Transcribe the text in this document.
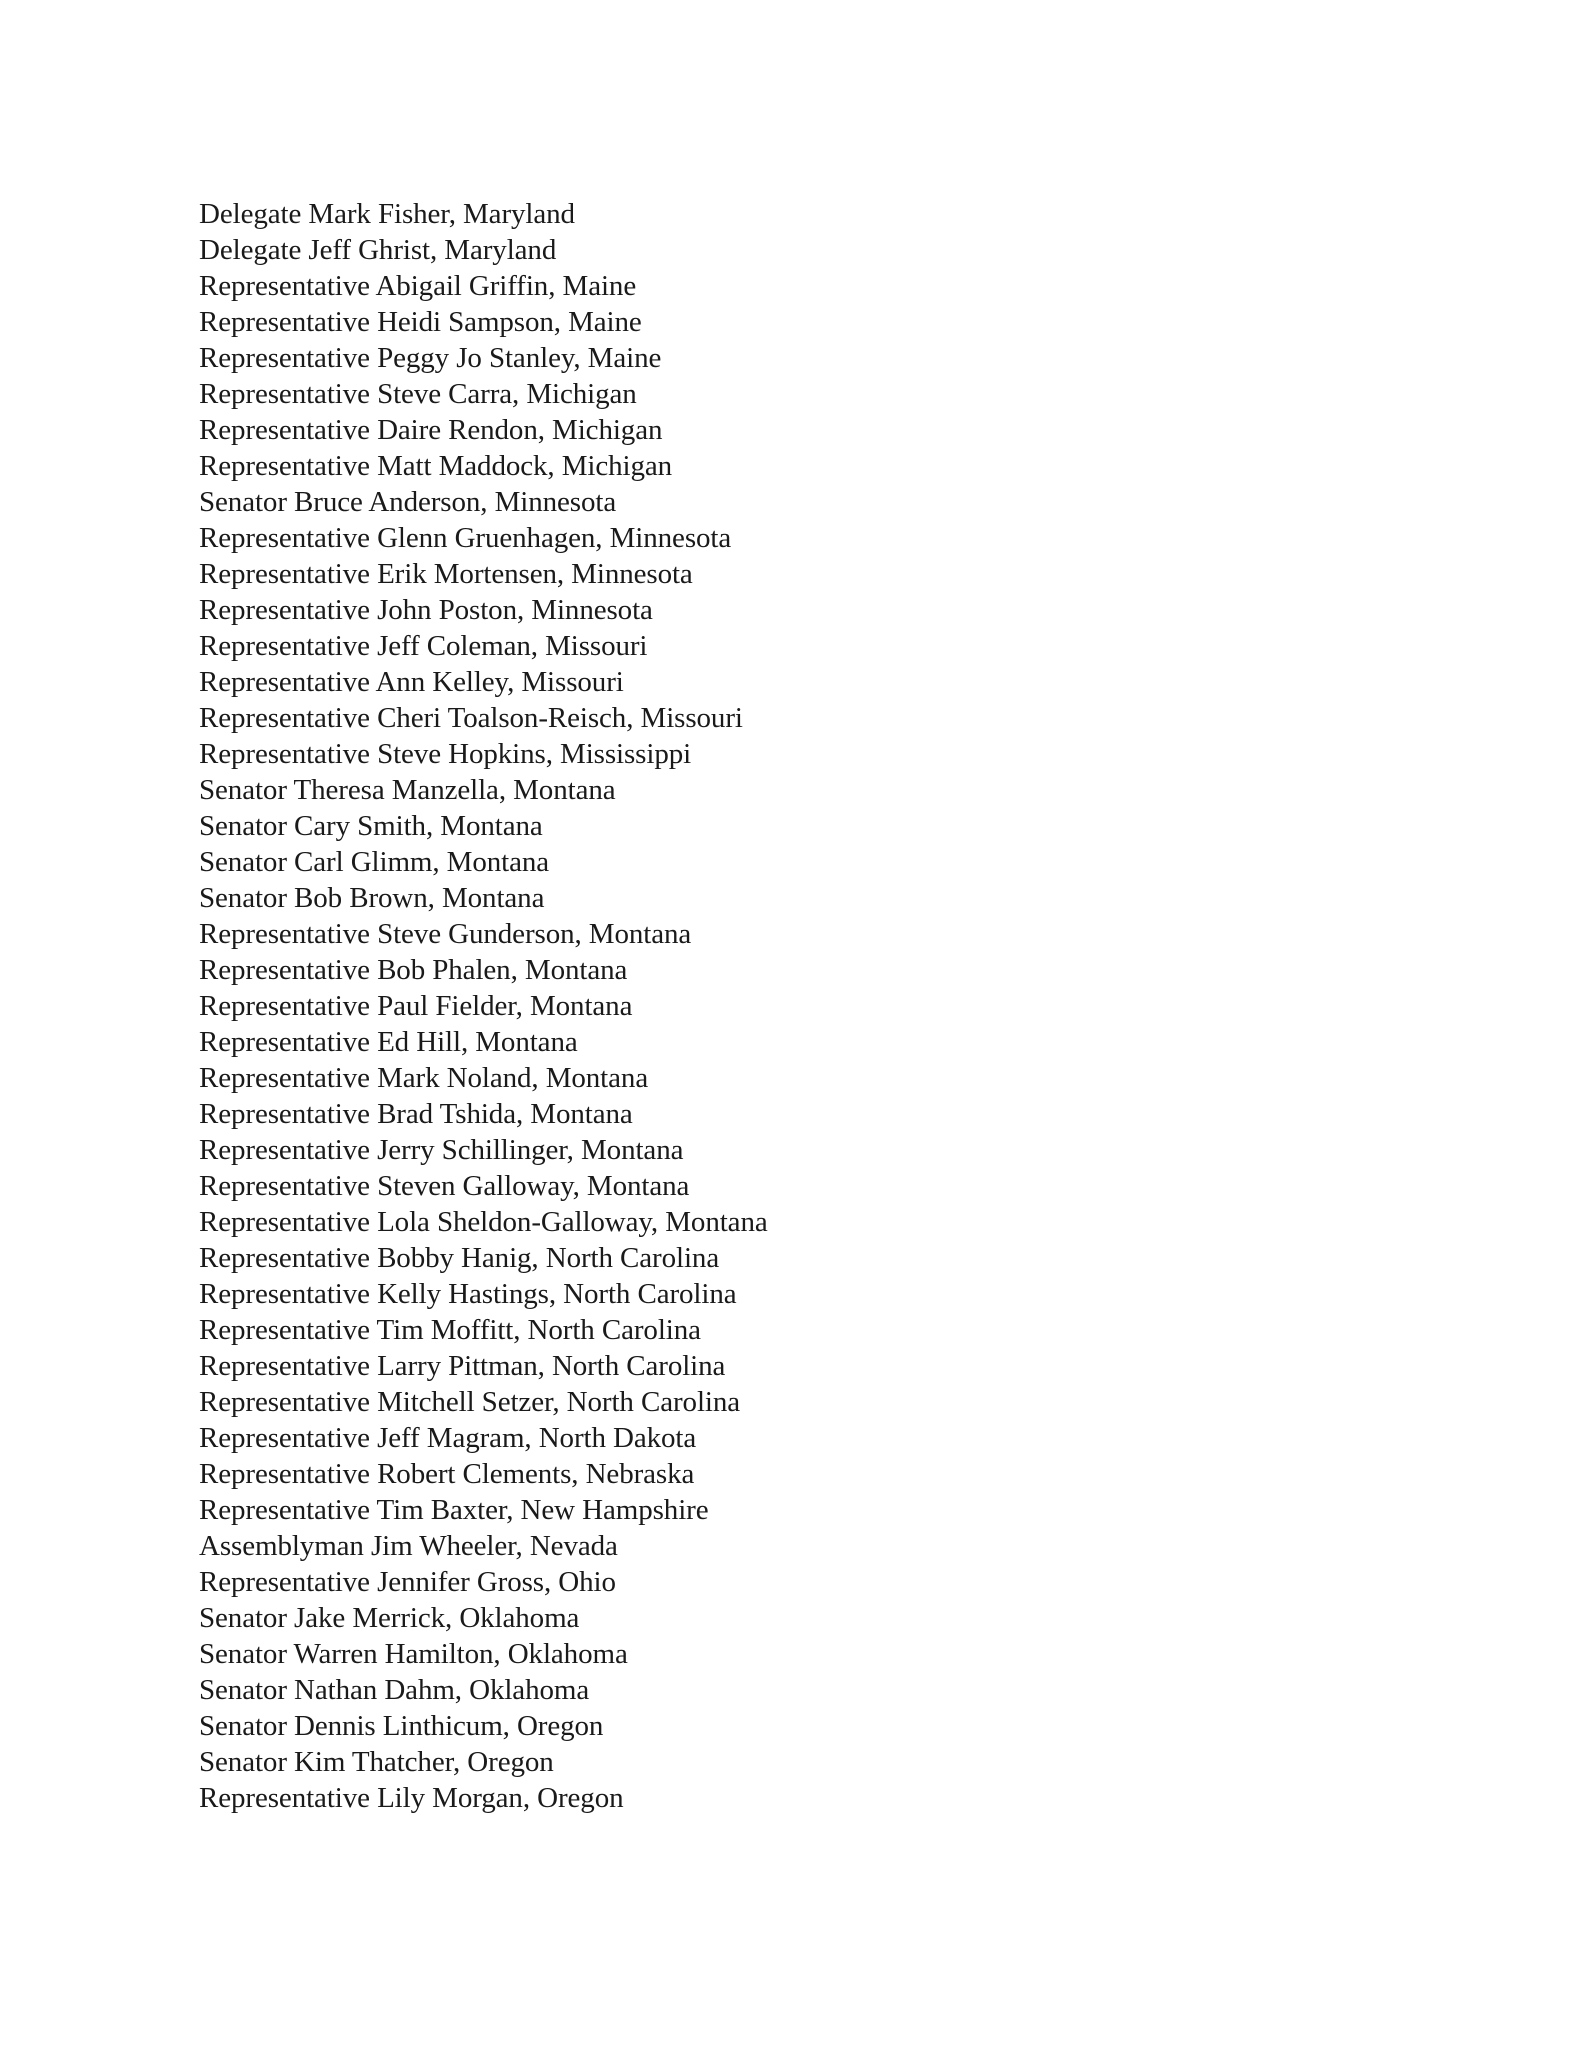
Delegate Mark Fisher, Maryland
Delegate Jeff Ghrist, Maryland
Representative Abigail Griffin, Maine
Representative Heidi Sampson, Maine
Representative Peggy Jo Stanley, Maine
Representative Steve Carra, Michigan
Representative Daire Rendon, Michigan
Representative Matt Maddock, Michigan
Senator Bruce Anderson, Minnesota
Representative Glenn Gruenhagen, Minnesota
Representative Erik Mortensen, Minnesota
Representative John Poston, Minnesota
Representative Jeff Coleman, Missouri
Representative Ann Kelley, Missouri
Representative Cheri Toalson-Reisch, Missouri
Representative Steve Hopkins, Mississippi
Senator Theresa Manzella, Montana
Senator Cary Smith, Montana
Senator Carl Glimm, Montana
Senator Bob Brown, Montana
Representative Steve Gunderson, Montana
Representative Bob Phalen, Montana
Representative Paul Fielder, Montana
Representative Ed Hill, Montana
Representative Mark Noland, Montana
Representative Brad Tshida, Montana
Representative Jerry Schillinger, Montana
Representative Steven Galloway, Montana
Representative Lola Sheldon-Galloway, Montana
Representative Bobby Hanig, North Carolina
Representative Kelly Hastings, North Carolina
Representative Tim Moffitt, North Carolina
Representative Larry Pittman, North Carolina
Representative Mitchell Setzer, North Carolina
Representative Jeff Magram, North Dakota
Representative Robert Clements, Nebraska
Representative Tim Baxter, New Hampshire
Assemblyman Jim Wheeler, Nevada
Representative Jennifer Gross, Ohio
Senator Jake Merrick, Oklahoma
Senator Warren Hamilton, Oklahoma
Senator Nathan Dahm, Oklahoma
Senator Dennis Linthicum, Oregon
Senator Kim Thatcher, Oregon
Representative Lily Morgan, Oregon
